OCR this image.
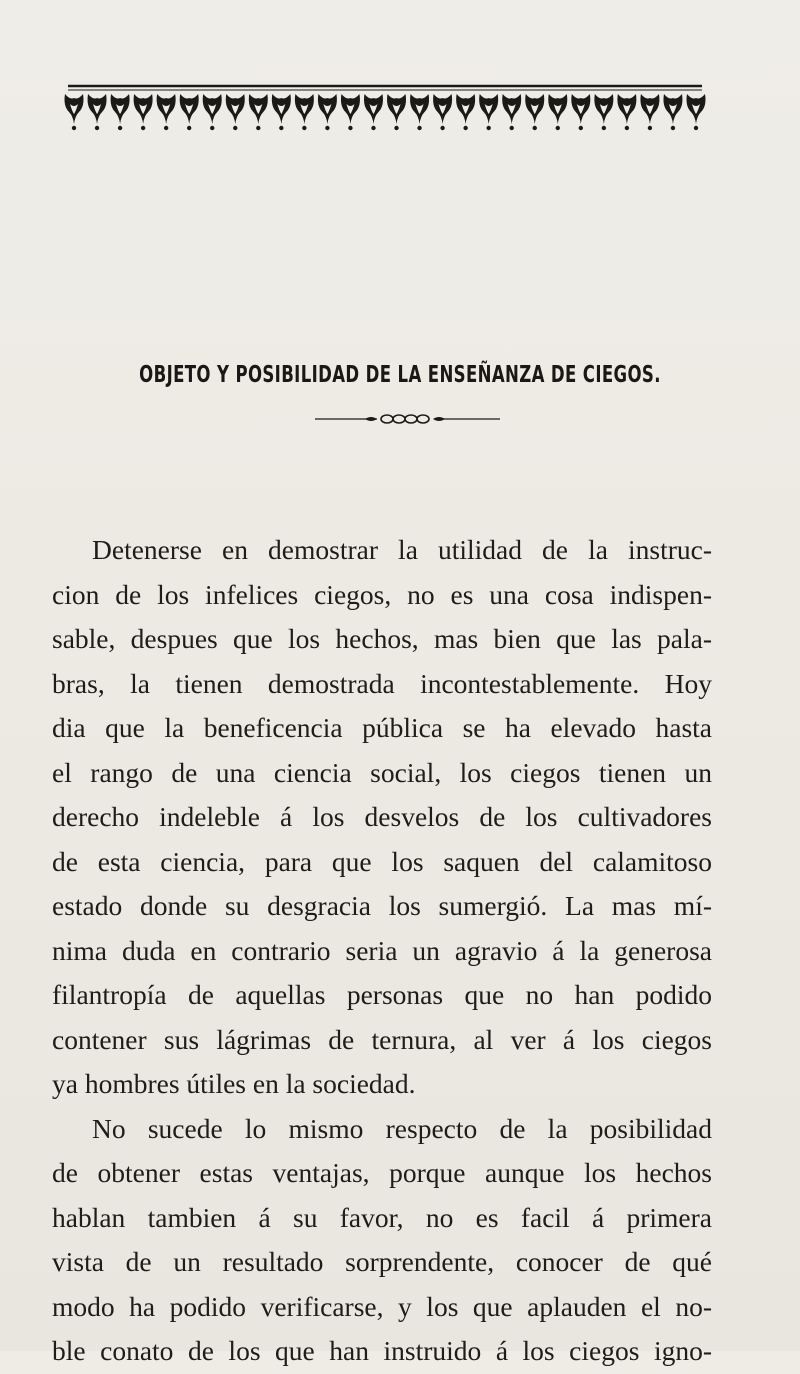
OBJETO Y POSIBILIDAD DE LA ENSEÑANZA DE CIEGOS.
Detenerse en demostrar la utilidad de la instruc-
cion de los infelices ciegos, no es una cosa indispen-
sable, despues que los hechos, mas bien que las pala-
bras, la tienen demostrada incontestablemente. Hoy
dia que la beneficencia pública se ha elevado hasta
el rango de una ciencia social, los ciegos tienen un
derecho indeleble á los desvelos de los cultivadores
de esta ciencia, para que los saquen del calamitoso
estado donde su desgracia los sumergió. La mas mí-
nima duda en contrario seria un agravio á la generosa
filantropía de aquellas personas que no han podido
contener sus lágrimas de ternura, al ver á los ciegos
ya hombres útiles en la sociedad.
No sucede lo mismo respecto de la posibilidad
de obtener estas ventajas, porque aunque los hechos
hablan tambien á su favor, no es facil á primera
vista de un resultado sorprendente, conocer de qué
modo ha podido verificarse, y los que aplauden el no-
ble conato de los que han instruido á los ciegos igno-
